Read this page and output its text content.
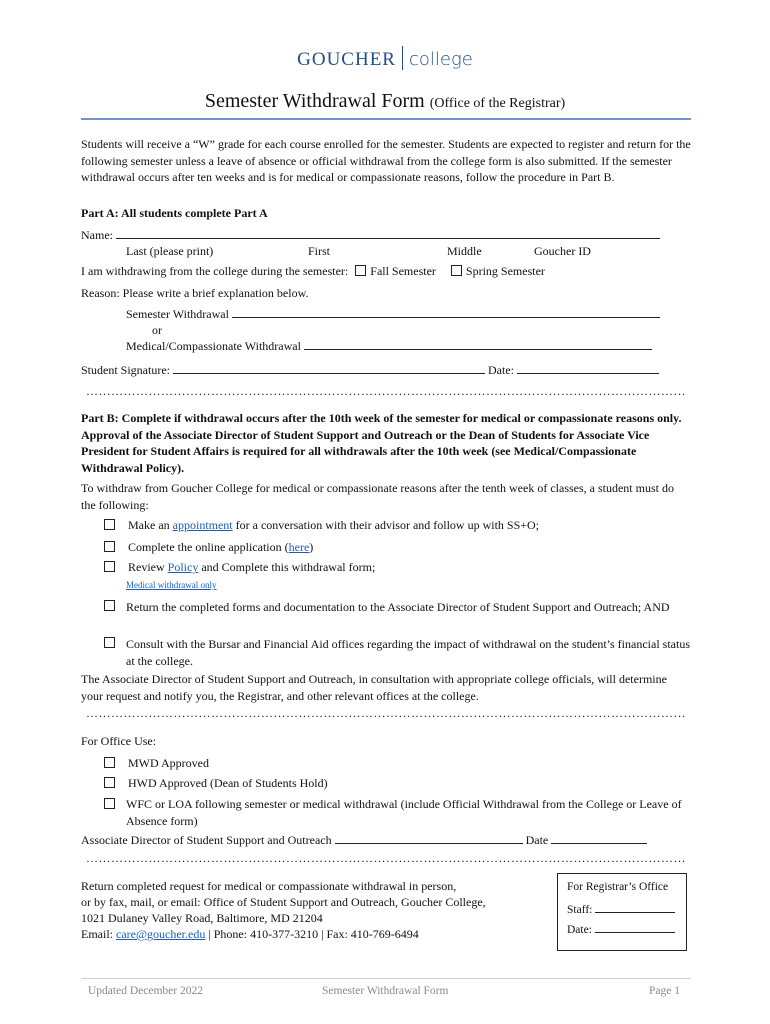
GOUCHER college
Semester Withdrawal Form (Office of the Registrar)
Students will receive a “W” grade for each course enrolled for the semester. Students are expected to register and return for the following semester unless a leave of absence or official withdrawal from the college form is also submitted. If the semester withdrawal occurs after ten weeks and is for medical or compassionate reasons, follow the procedure in Part B.
Part A: All students complete Part A
Name:
Last (please print)	First	Middle	Goucher ID
I am withdrawing from the college during the semester: Fall Semester	Spring Semester
Reason: Please write a brief explanation below.
Semester Withdrawal
or
Medical/Compassionate Withdrawal
Student Signature:	Date:
………………………………………………………………………………………………………………………………
Part B: Complete if withdrawal occurs after the 10th week of the semester for medical or compassionate reasons only. Approval of the Associate Director of Student Support and Outreach or the Dean of Students for Associate Vice President for Student Affairs is required for all withdrawals after the 10th week (see Medical/Compassionate Withdrawal Policy).
To withdraw from Goucher College for medical or compassionate reasons after the tenth week of classes, a student must do the following:
Make an appointment for a conversation with their advisor and follow up with SS+O;
Complete the online application (here)
Review Policy and Complete this withdrawal form;
Medical withdrawal only
Return the completed forms and documentation to the Associate Director of Student Support and Outreach; AND
Consult with the Bursar and Financial Aid offices regarding the impact of withdrawal on the student’s financial status at the college.
The Associate Director of Student Support and Outreach, in consultation with appropriate college officials, will determine your request and notify you, the Registrar, and other relevant offices at the college.
………………………………………………………………………………………………………………………………
For Office Use:
MWD Approved
HWD Approved (Dean of Students Hold)
WFC or LOA following semester or medical withdrawal (include Official Withdrawal from the College or Leave of Absence form)
Associate Director of Student Support and Outreach	Date
………………………………………………………………………………………………………………………………
Return completed request for medical or compassionate withdrawal in person,
or by fax, mail, or email: Office of Student Support and Outreach, Goucher College,
1021 Dulaney Valley Road, Baltimore, MD 21204
Email: care@goucher.edu | Phone: 410-377-3210 | Fax: 410-769-6494
For Registrar’s Office
Staff:
Date:
Updated December 2022	Semester Withdrawal Form	Page 1
